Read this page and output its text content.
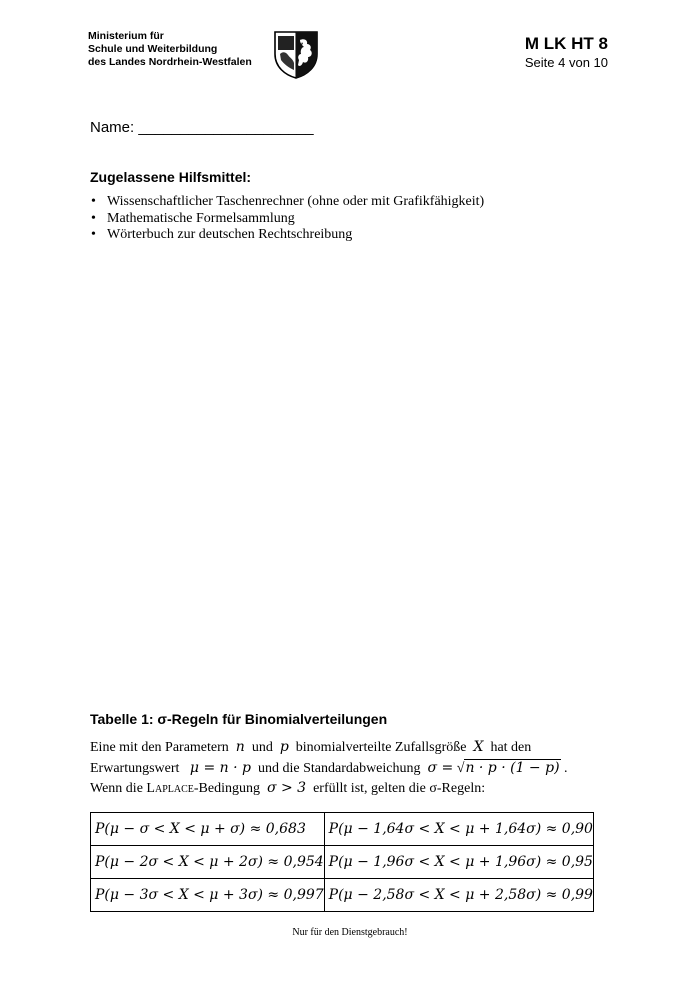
Ministerium für
Schule und Weiterbildung
des Landes Nordrhein-Westfalen
M LK HT 8
Seite 4 von 10
Name: _____________________
Zugelassene Hilfsmittel:
• Wissenschaftlicher Taschenrechner (ohne oder mit Grafikfähigkeit)
• Mathematische Formelsammlung
• Wörterbuch zur deutschen Rechtschreibung
Tabelle 1: σ-Regeln für Binomialverteilungen
Eine mit den Parametern n und p binomialverteilte Zufallsgröße X hat den
Erwartungswert μ = n · p und die Standardabweichung σ = √n · p · (1 − p) .
Wenn die Laplace-Bedingung σ > 3 erfüllt ist, gelten die σ-Regeln:
P(μ − σ < X < μ + σ) ≈ 0,683	P(μ − 1,64σ < X < μ + 1,64σ) ≈ 0,90
P(μ − 2σ < X < μ + 2σ) ≈ 0,954	P(μ − 1,96σ < X < μ + 1,96σ) ≈ 0,95
P(μ − 3σ < X < μ + 3σ) ≈ 0,997	P(μ − 2,58σ < X < μ + 2,58σ) ≈ 0,99
Nur für den Dienstgebrauch!
